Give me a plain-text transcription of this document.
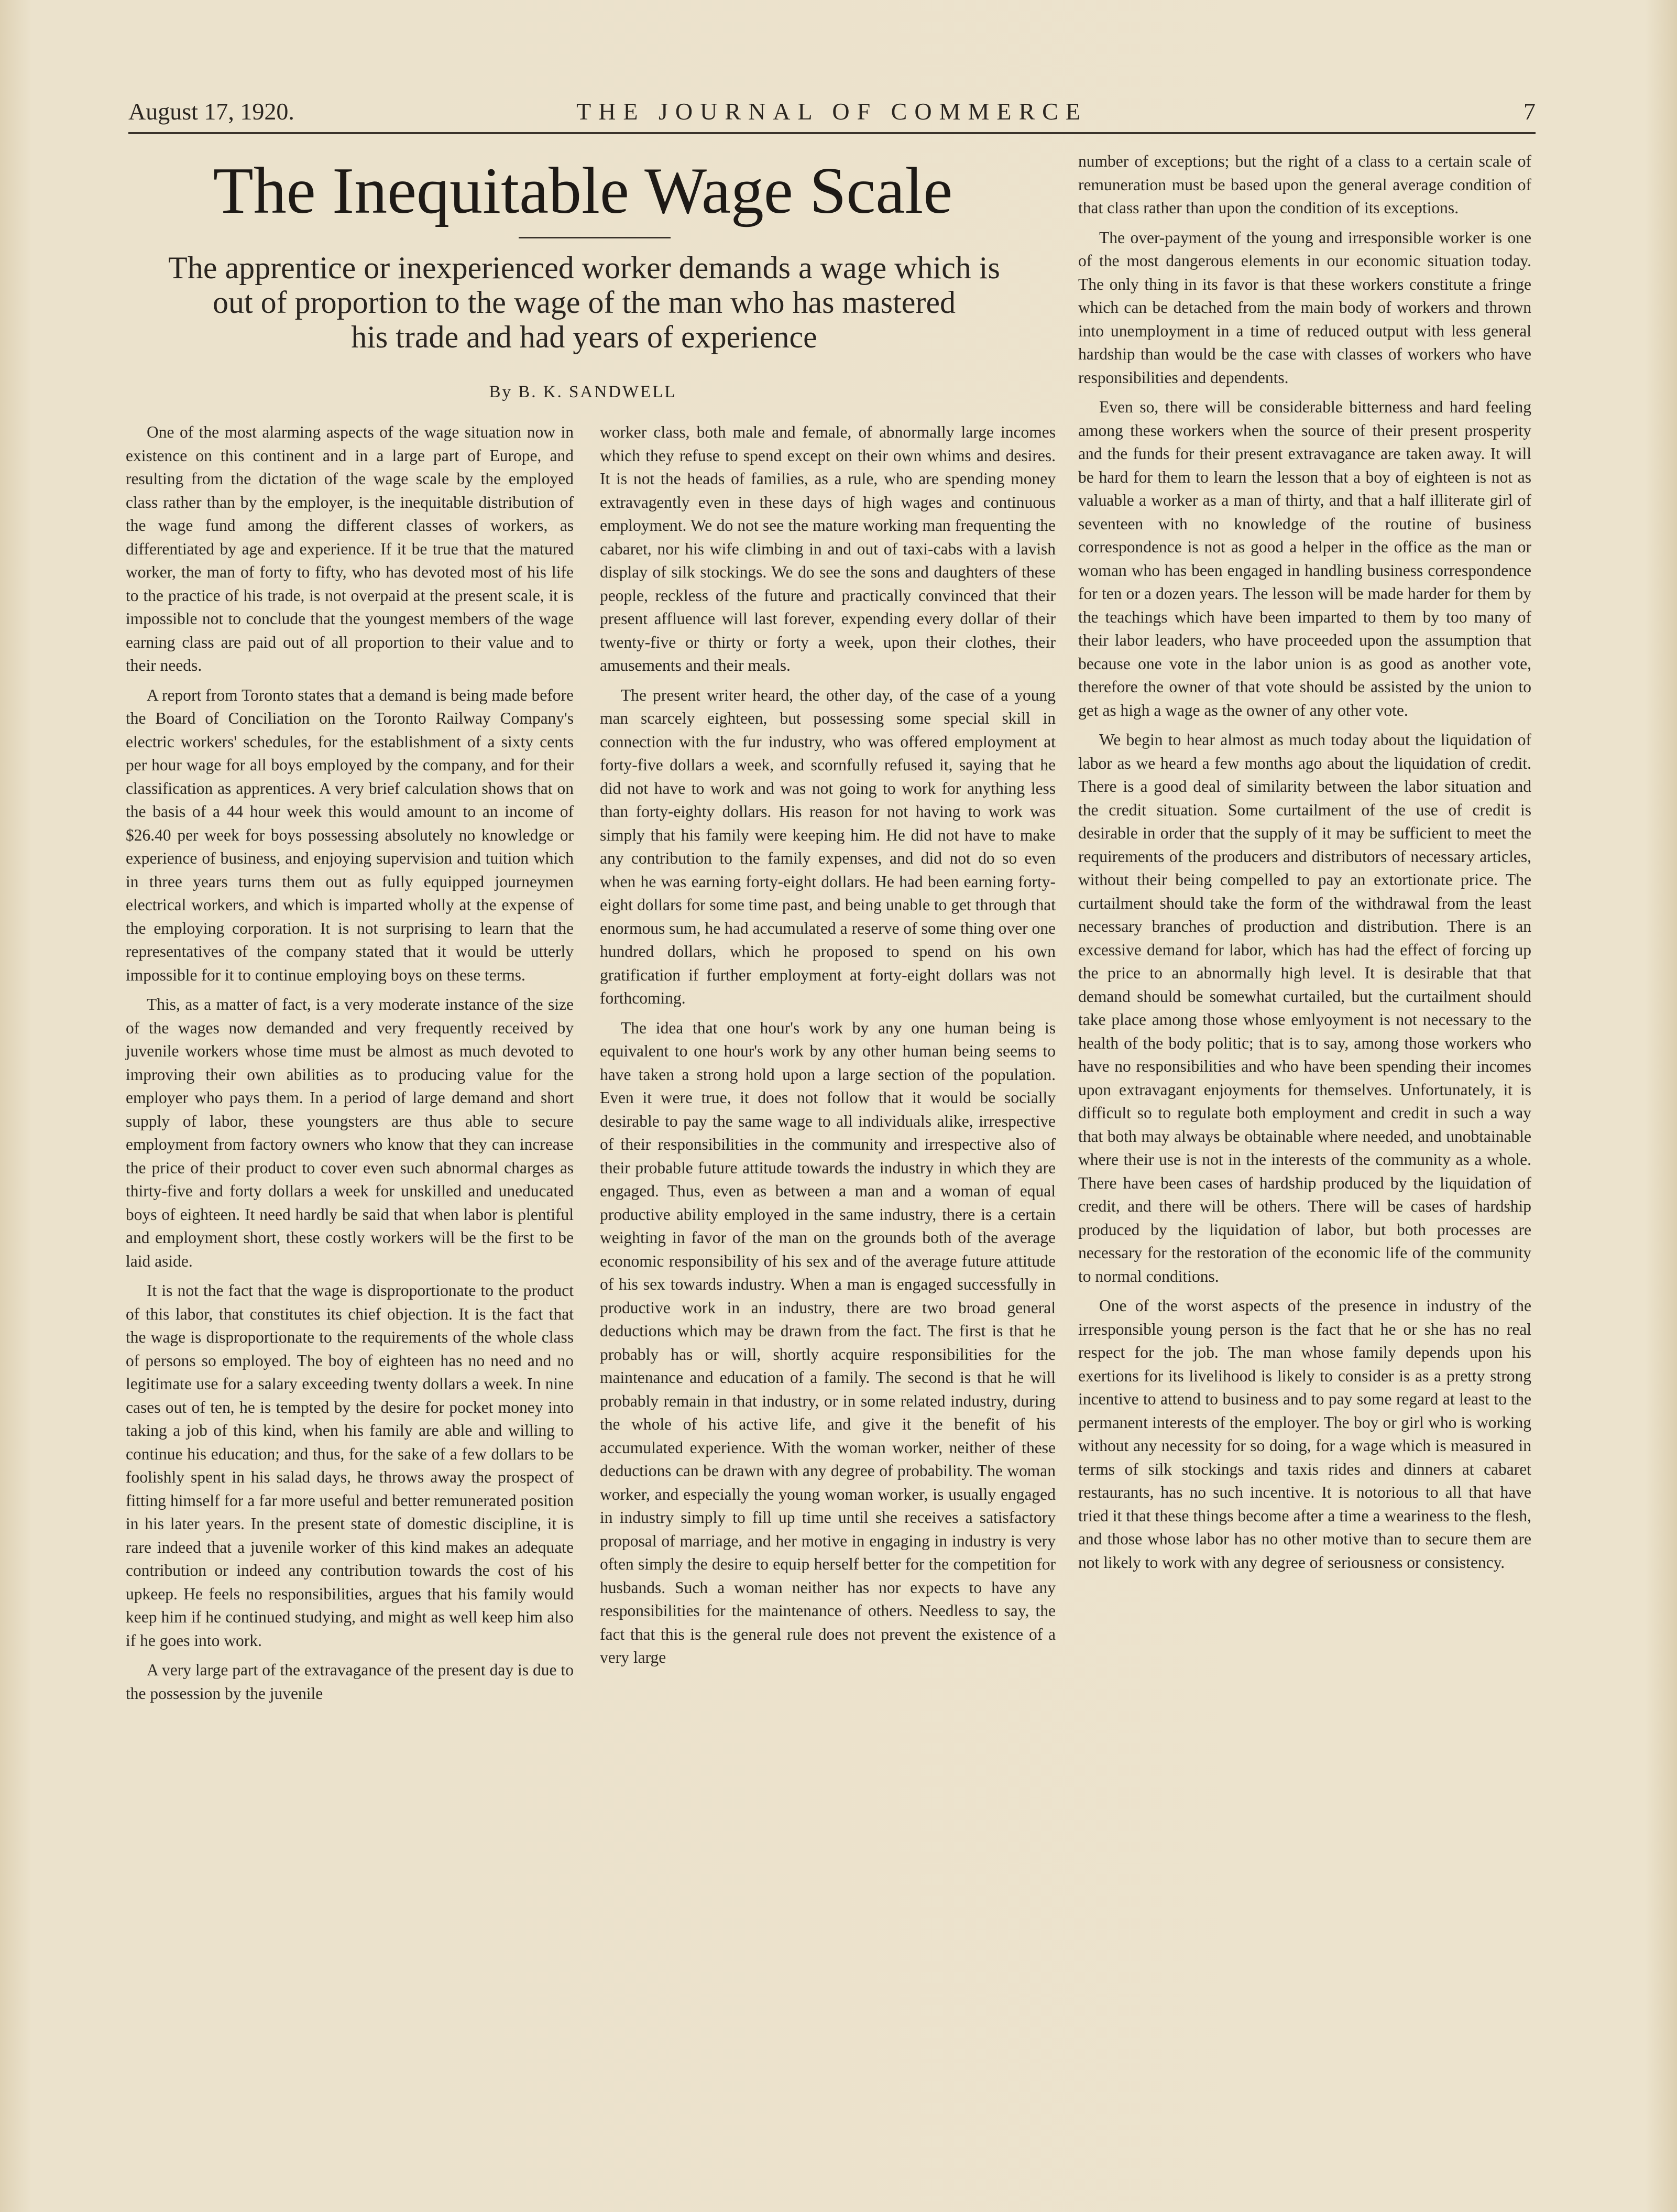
August 17, 1920.	THE JOURNAL OF COMMERCE	7
The Inequitable Wage Scale
The apprentice or inexperienced worker demands a wage which is
out of proportion to the wage of the man who has mastered
his trade and had years of experience
By B. K. SANDWELL

One of the most alarming aspects of the wage situation now in existence on this continent and in a large part of Europe, and resulting from the dictation of the wage scale by the employed class rather than by the employer, is the inequitable distribution of the wage fund among the different classes of workers, as differentiated by age and experience. If it be true that the matured worker, the man of forty to fifty, who has devoted most of his life to the practice of his trade, is not overpaid at the present scale, it is impossible not to conclude that the youngest members of the wage earning class are paid out of all proportion to their value and to their needs.

A report from Toronto states that a demand is being made before the Board of Conciliation on the Toronto Railway Company's electric workers' schedules, for the establishment of a sixty cents per hour wage for all boys employed by the company, and for their classification as apprentices. A very brief calculation shows that on the basis of a 44 hour week this would amount to an income of $26.40 per week for boys possessing absolutely no knowledge or experience of business, and enjoying supervision and tuition which in three years turns them out as fully equipped journeymen electrical workers, and which is imparted wholly at the expense of the employing corporation. It is not surprising to learn that the representatives of the company stated that it would be utterly impossible for it to continue employing boys on these terms.

This, as a matter of fact, is a very moderate instance of the size of the wages now demanded and very frequently received by juvenile workers whose time must be almost as much devoted to improving their own abilities as to producing value for the employer who pays them. In a period of large demand and short supply of labor, these youngsters are thus able to secure employment from factory owners who know that they can increase the price of their product to cover even such abnormal charges as thirty-five and forty dollars a week for unskilled and uneducated boys of eighteen. It need hardly be said that when labor is plentiful and employment short, these costly workers will be the first to be laid aside.

It is not the fact that the wage is disproportionate to the product of this labor, that constitutes its chief objection. It is the fact that the wage is disproportionate to the requirements of the whole class of persons so employed. The boy of eighteen has no need and no legitimate use for a salary exceeding twenty dollars a week. In nine cases out of ten, he is tempted by the desire for pocket money into taking a job of this kind, when his family are able and willing to continue his education; and thus, for the sake of a few dollars to be foolishly spent in his salad days, he throws away the prospect of fitting himself for a far more useful and better remunerated position in his later years. In the present state of domestic discipline, it is rare indeed that a juvenile worker of this kind makes an adequate contribution or indeed any contribution towards the cost of his upkeep. He feels no responsibilities, argues that his family would keep him if he continued studying, and might as well keep him also if he goes into work.

A very large part of the extravagance of the present day is due to the possession by the juvenile

worker class, both male and female, of abnormally large incomes which they refuse to spend except on their own whims and desires. It is not the heads of families, as a rule, who are spending money extravagently even in these days of high wages and continuous employment. We do not see the mature working man frequenting the cabaret, nor his wife climbing in and out of taxi-cabs with a lavish display of silk stockings. We do see the sons and daughters of these people, reckless of the future and practically convinced that their present affluence will last forever, expending every dollar of their twenty-five or thirty or forty a week, upon their clothes, their amusements and their meals.

The present writer heard, the other day, of the case of a young man scarcely eighteen, but possessing some special skill in connection with the fur industry, who was offered employment at forty-five dollars a week, and scornfully refused it, saying that he did not have to work and was not going to work for anything less than forty-eighty dollars. His reason for not having to work was simply that his family were keeping him. He did not have to make any contribution to the family expenses, and did not do so even when he was earning forty-eight dollars. He had been earning forty-eight dollars for some time past, and being unable to get through that enormous sum, he had accumulated a reserve of some thing over one hundred dollars, which he proposed to spend on his own gratification if further employment at forty-eight dollars was not forthcoming.

The idea that one hour's work by any one human being is equivalent to one hour's work by any other human being seems to have taken a strong hold upon a large section of the population. Even it were true, it does not follow that it would be socially desirable to pay the same wage to all individuals alike, irrespective of their responsibilities in the community and irrespective also of their probable future attitude towards the industry in which they are engaged. Thus, even as between a man and a woman of equal productive ability employed in the same industry, there is a certain weighting in favor of the man on the grounds both of the average economic responsibility of his sex and of the average future attitude of his sex towards industry. When a man is engaged successfully in productive work in an industry, there are two broad general deductions which may be drawn from the fact. The first is that he probably has or will, shortly acquire responsibilities for the maintenance and education of a family. The second is that he will probably remain in that industry, or in some related industry, during the whole of his active life, and give it the benefit of his accumulated experience. With the woman worker, neither of these deductions can be drawn with any degree of probability. The woman worker, and especially the young woman worker, is usually engaged in industry simply to fill up time until she receives a satisfactory proposal of marriage, and her motive in engaging in industry is very often simply the desire to equip herself better for the competition for husbands. Such a woman neither has nor expects to have any responsibilities for the maintenance of others. Needless to say, the fact that this is the general rule does not prevent the existence of a very large

number of exceptions; but the right of a class to a certain scale of remuneration must be based upon the general average condition of that class rather than upon the condition of its exceptions.

The over-payment of the young and irresponsible worker is one of the most dangerous elements in our economic situation today. The only thing in its favor is that these workers constitute a fringe which can be detached from the main body of workers and thrown into unemployment in a time of reduced output with less general hardship than would be the case with classes of workers who have responsibilities and dependents.

Even so, there will be considerable bitterness and hard feeling among these workers when the source of their present prosperity and the funds for their present extravagance are taken away. It will be hard for them to learn the lesson that a boy of eighteen is not as valuable a worker as a man of thirty, and that a half illiterate girl of seventeen with no knowledge of the routine of business correspondence is not as good a helper in the office as the man or woman who has been engaged in handling business correspondence for ten or a dozen years. The lesson will be made harder for them by the teachings which have been imparted to them by too many of their labor leaders, who have proceeded upon the assumption that because one vote in the labor union is as good as another vote, therefore the owner of that vote should be assisted by the union to get as high a wage as the owner of any other vote.

We begin to hear almost as much today about the liquidation of labor as we heard a few months ago about the liquidation of credit. There is a good deal of similarity between the labor situation and the credit situation. Some curtailment of the use of credit is desirable in order that the supply of it may be sufficient to meet the requirements of the producers and distributors of necessary articles, without their being compelled to pay an extortionate price. The curtailment should take the form of the withdrawal from the least necessary branches of production and distribution. There is an excessive demand for labor, which has had the effect of forcing up the price to an abnormally high level. It is desirable that that demand should be somewhat curtailed, but the curtailment should take place among those whose emlyoyment is not necessary to the health of the body politic; that is to say, among those workers who have no responsibilities and who have been spending their incomes upon extravagant enjoyments for themselves. Unfortunately, it is difficult so to regulate both employment and credit in such a way that both may always be obtainable where needed, and unobtainable where their use is not in the interests of the community as a whole. There have been cases of hardship produced by the liquidation of credit, and there will be others. There will be cases of hardship produced by the liquidation of labor, but both processes are necessary for the restoration of the economic life of the community to normal conditions.

One of the worst aspects of the presence in industry of the irresponsible young person is the fact that he or she has no real respect for the job. The man whose family depends upon his exertions for its livelihood is likely to consider is as a pretty strong incentive to attend to business and to pay some regard at least to the permanent interests of the employer. The boy or girl who is working without any necessity for so doing, for a wage which is measured in terms of silk stockings and taxis rides and dinners at cabaret restaurants, has no such incentive. It is notorious to all that have tried it that these things become after a time a weariness to the flesh, and those whose labor has no other motive than to secure them are not likely to work with any degree of seriousness or consistency.
